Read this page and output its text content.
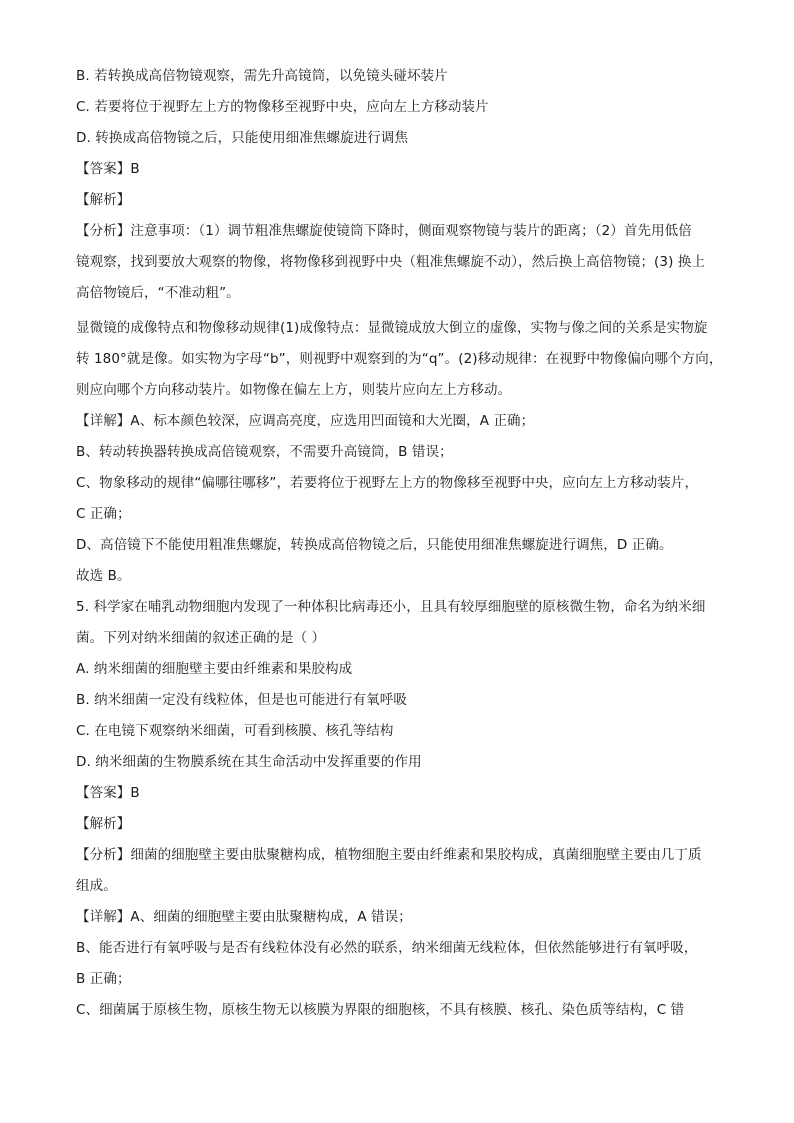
B. 若转换成高倍物镜观察，需先升高镜筒，以免镜头碰坏装片
C. 若要将位于视野左上方的物像移至视野中央，应向左上方移动装片
D. 转换成高倍物镜之后，只能使用细准焦螺旋进行调焦
【答案】B
【解析】
【分析】注意事项：（1）调节粗准焦螺旋使镜筒下降时，侧面观察物镜与装片的距离；（2）首先用低倍
镜观察，找到要放大观察的物像，将物像移到视野中央（粗准焦螺旋不动），然后换上高倍物镜；(3) 换上
高倍物镜后，“不准动粗”。
显微镜的成像特点和物像移动规律(1)成像特点：显微镜成放大倒立的虚像，实物与像之间的关系是实物旋
转 180°就是像。如实物为字母“b”，则视野中观察到的为“q”。(2)移动规律：在视野中物像偏向哪个方向，
则应向哪个方向移动装片。如物像在偏左上方，则装片应向左上方移动。
【详解】A、标本颜色较深，应调高亮度，应选用凹面镜和大光圈，A 正确；
B、转动转换器转换成高倍镜观察，不需要升高镜筒，B 错误；
C、物象移动的规律“偏哪往哪移”，若要将位于视野左上方的物像移至视野中央，应向左上方移动装片，
C 正确；
D、高倍镜下不能使用粗准焦螺旋，转换成高倍物镜之后，只能使用细准焦螺旋进行调焦，D 正确。
故选 B。
5. 科学家在哺乳动物细胞内发现了一种体积比病毒还小，且具有较厚细胞壁的原核微生物，命名为纳米细
菌。下列对纳米细菌的叙述正确的是（ ）
A. 纳米细菌的细胞壁主要由纤维素和果胶构成
B. 纳米细菌一定没有线粒体，但是也可能进行有氧呼吸
C. 在电镜下观察纳米细菌，可看到核膜、核孔等结构
D. 纳米细菌的生物膜系统在其生命活动中发挥重要的作用
【答案】B
【解析】
【分析】细菌的细胞壁主要由肽聚糖构成，植物细胞主要由纤维素和果胶构成，真菌细胞壁主要由几丁质
组成。
【详解】A、细菌的细胞壁主要由肽聚糖构成，A 错误；
B、能否进行有氧呼吸与是否有线粒体没有必然的联系，纳米细菌无线粒体，但依然能够进行有氧呼吸，
B 正确；
C、细菌属于原核生物，原核生物无以核膜为界限的细胞核，不具有核膜、核孔、染色质等结构，C 错
